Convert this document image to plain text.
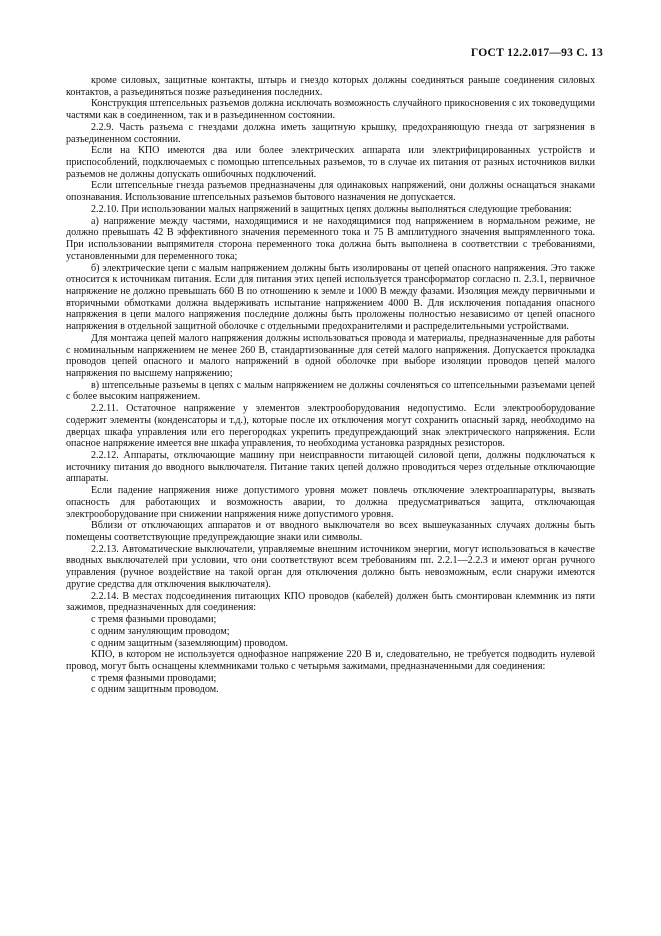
ГОСТ 12.2.017—93 С. 13

кроме силовых, защитные контакты, штырь и гнездо которых должны соединяться раньше соединения силовых контактов, а разъединяться позже разъединения последних.

Конструкция штепсельных разъемов должна исключать возможность случайного прикосновения с их токоведущими частями как в соединенном, так и в разъединенном состоянии.

2.2.9. Часть разъема с гнездами должна иметь защитную крышку, предохраняющую гнезда от загрязнения в разъединенном состоянии.

Если на КПО имеются два или более электрических аппарата или электрифицированных устройств и приспособлений, подключаемых с помощью штепсельных разъемов, то в случае их питания от разных источников вилки разъемов не должны допускать ошибочных подключений.

Если штепсельные гнезда разъемов предназначены для одинаковых напряжений, они должны оснащаться знаками опознавания. Использование штепсельных разъемов бытового назначения не допускается.

2.2.10. При использовании малых напряжений в защитных цепях должны выполняться следующие требования:

а) напряжение между частями, находящимися и не находящимися под напряжением в нормальном режиме, не должно превышать 42 В эффективного значения переменного тока и 75 В амплитудного значения выпрямленного тока. При использовании выпрямителя сторона переменного тока должна быть выполнена в соответствии с требованиями, установленными для переменного тока;

б) электрические цепи с малым напряжением должны быть изолированы от цепей опасного напряжения. Это также относится к источникам питания. Если для питания этих цепей используется трансформатор согласно п. 2.3.1, первичное напряжение не должно превышать 660 В по отношению к земле и 1000 В между фазами. Изоляция между первичными и вторичными обмотками должна выдерживать испытание напряжением 4000 В. Для исключения попадания опасного напряжения в цепи малого напряжения последние должны быть проложены полностью независимо от цепей опасного напряжения в отдельной защитной оболочке с отдельными предохранителями и распределительными устройствами.

Для монтажа цепей малого напряжения должны использоваться провода и материалы, предназначенные для работы с номинальным напряжением не менее 260 В, стандартизованные для сетей малого напряжения. Допускается прокладка проводов цепей опасного и малого напряжений в одной оболочке при выборе изоляции проводов цепей малого напряжения по высшему напряжению;

в) штепсельные разъемы в цепях с малым напряжением не должны сочленяться со штепсельными разъемами цепей с более высоким напряжением.

2.2.11. Остаточное напряжение у элементов электрооборудования недопустимо. Если электрооборудование содержит элементы (конденсаторы и т.д.), которые после их отключения могут сохранить опасный заряд, необходимо на дверцах шкафа управления или его перегородках укрепить предупреждающий знак электрического напряжения. Если опасное напряжение имеется вне шкафа управления, то необходима установка разрядных резисторов.

2.2.12. Аппараты, отключающие машину при неисправности питающей силовой цепи, должны подключаться к источнику питания до вводного выключателя. Питание таких цепей должно проводиться через отдельные отключающие аппараты.

Если падение напряжения ниже допустимого уровня может повлечь отключение электроаппаратуры, вызвать опасность для работающих и возможность аварии, то должна предусматриваться защита, отключающая электрооборудование при снижении напряжения ниже допустимого уровня.

Вблизи от отключающих аппаратов и от вводного выключателя во всех вышеуказанных случаях должны быть помещены соответствующие предупреждающие знаки или символы.

2.2.13. Автоматические выключатели, управляемые внешним источником энергии, могут использоваться в качестве вводных выключателей при условии, что они соответствуют всем требованиям пп. 2.2.1—2.2.3 и имеют орган ручного управления (ручное воздействие на такой орган для отключения должно быть невозможным, если снаружи имеются другие средства для отключения выключателя).

2.2.14. В местах подсоединения питающих КПО проводов (кабелей) должен быть смонтирован клеммник из пяти зажимов, предназначенных для соединения:

с тремя фазными проводами;

с одним зануляющим проводом;

с одним защитным (заземляющим) проводом.

КПО, в котором не используется однофазное напряжение 220 В и, следовательно, не требуется подводить нулевой провод, могут быть оснащены клеммниками только с четырьмя зажимами, предназначенными для соединения:

с тремя фазными проводами;

с одним защитным проводом.
